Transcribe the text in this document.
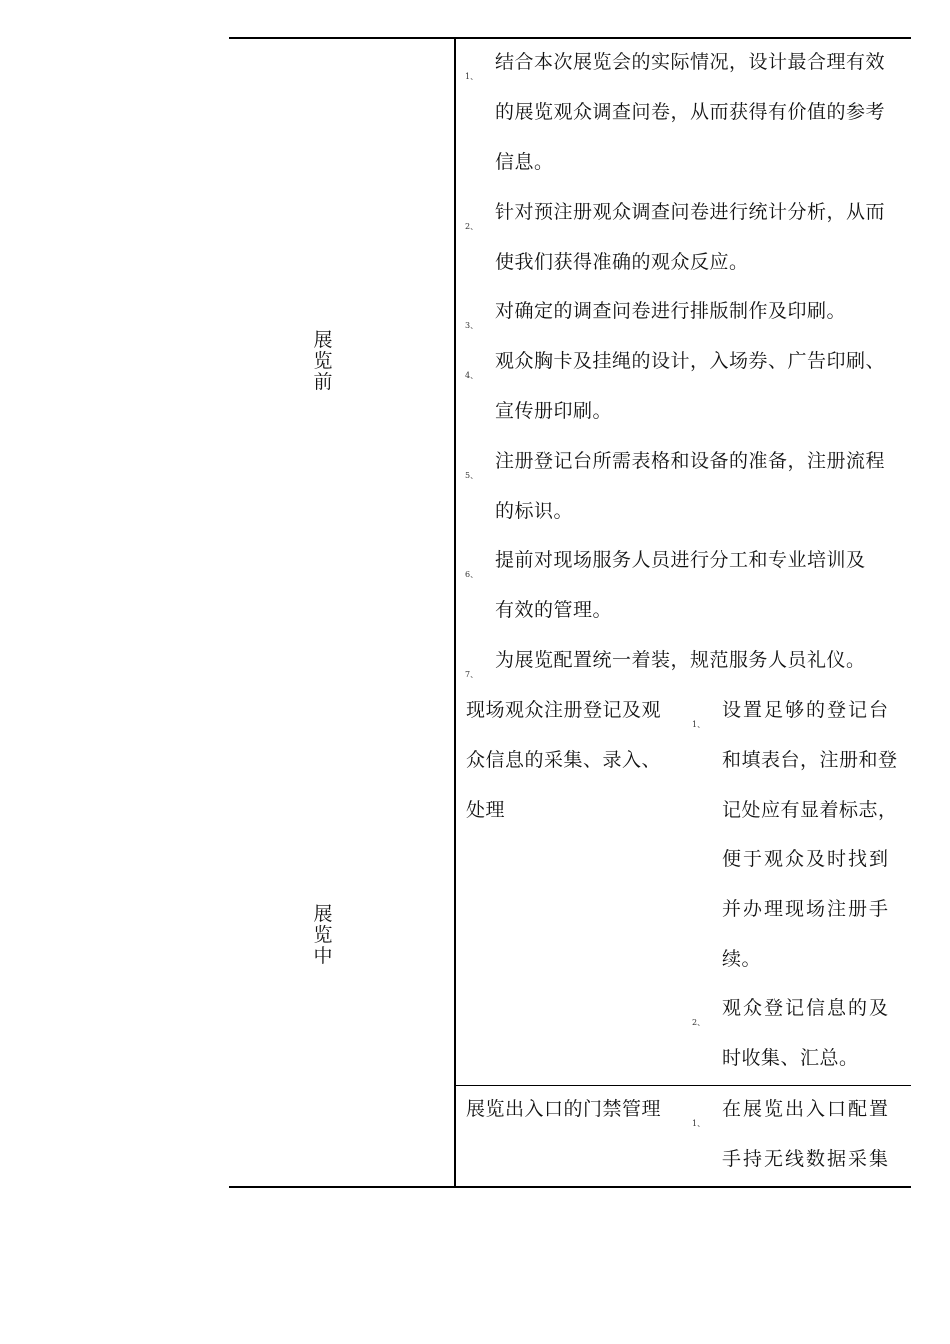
展览前
展览中
1、
结合本次展览会的实际情况，设计最合理有效
的展览观众调查问卷，从而获得有价值的参考
信息。
2、
针对预注册观众调查问卷进行统计分析，从而
使我们获得准确的观众反应。
3、
对确定的调查问卷进行排版制作及印刷。
4、
观众胸卡及挂绳的设计，入场券、广告印刷、
宣传册印刷。
5、
注册登记台所需表格和设备的准备，注册流程
的标识。
6、
提前对现场服务人员进行分工和专业培训及
有效的管理。
7、
为展览配置统一着装，规范服务人员礼仪。
现场观众注册登记及观
众信息的采集、录入、
处理
1、
设置足够的登记台
和填表台，注册和登
记处应有显着标志，
便于观众及时找到
并办理现场注册手
续。
2、
观众登记信息的及
时收集、汇总。
展览出入口的门禁管理
1、
在展览出入口配置
手持无线数据采集
